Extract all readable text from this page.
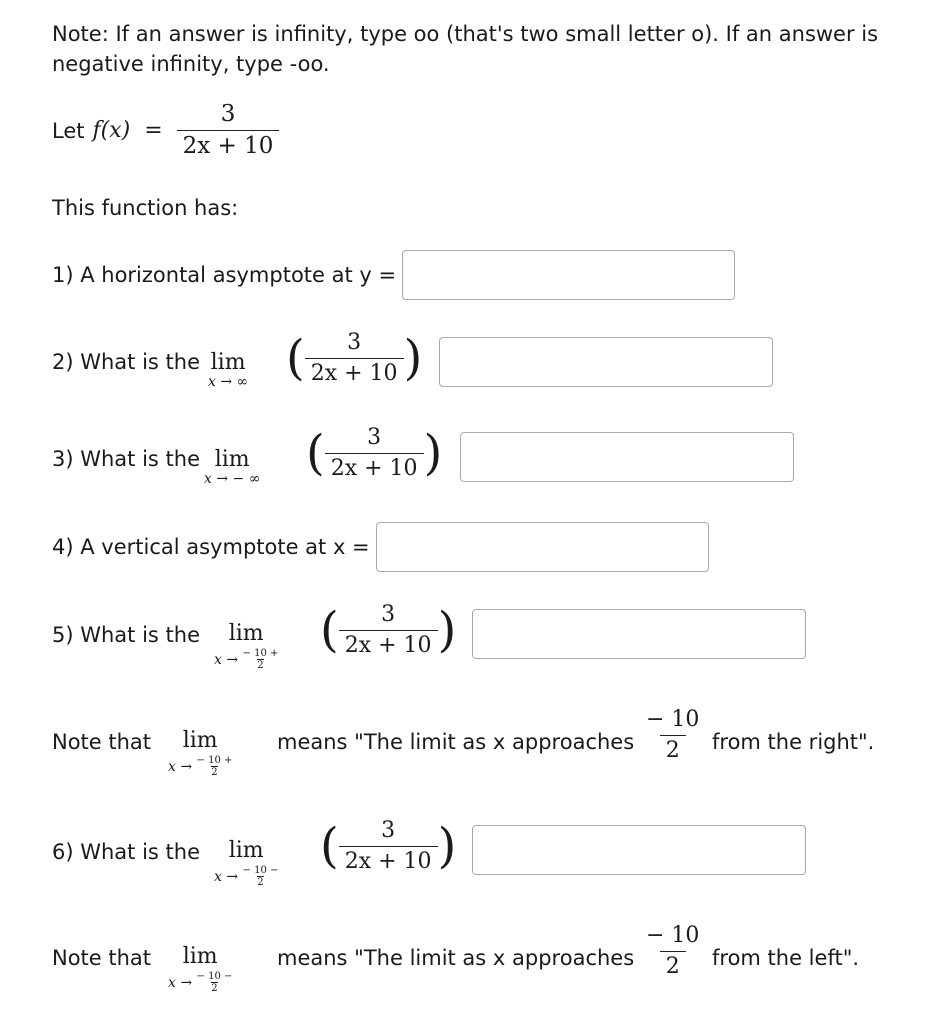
Note: If an answer is infinity, type oo (that's two small letter o). If an answer is
negative infinity, type -oo.
Let $f(x) = \frac{3}{2x + 10}$
This function has:
1) A horizontal asymptote at y =
2) What is the lim
x → ∞ ( $\frac{3}{2x + 10}$ )
3) What is the lim
x → − ∞ ( $\frac{3}{2x + 10}$ )
4) A vertical asymptote at x =
5) What is the	lim
$x \to \frac{- 10 +}{2}$
( $\frac{3}{2x + 10}$ )
Note that	lim
$x \to \frac{- 10 +}{2}$
means "The limit as x approaches $\frac{- 10}{2}$ from the right".
6) What is the	lim
$x \to \frac{- 10 -}{2}$
( $\frac{3}{2x + 10}$ )
Note that	lim
$x \to \frac{- 10 -}{2}$
means "The limit as x approaches $\frac{- 10}{2}$ from the left".
